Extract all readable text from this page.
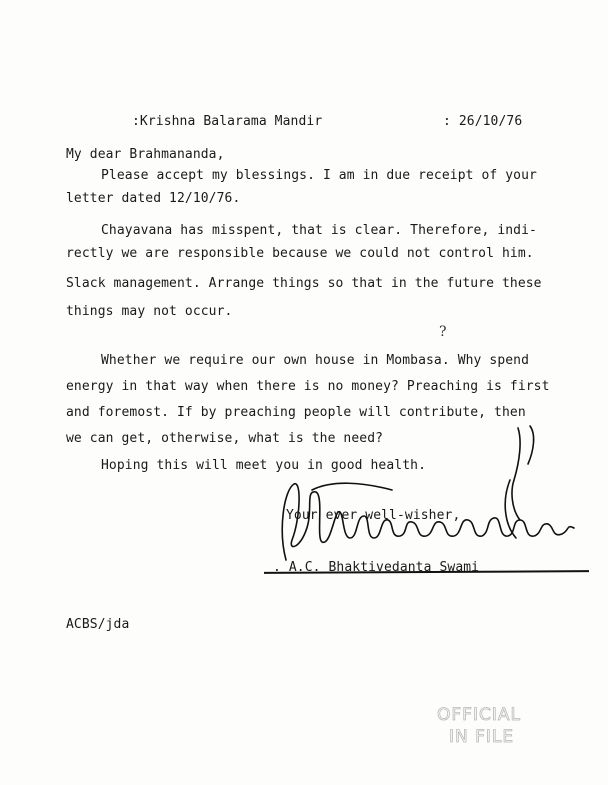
:Krishna Balarama Mandir	: 26/10/76
My dear Brahmananda,
Please accept my blessings. I am in due receipt of your
letter dated 12/10/76.
Chayavana has misspent, that is clear. Therefore, indi-
rectly we are responsible because we could not control him.
Slack management. Arrange things so that in the future these
things may not occur.
?
Whether we require our own house in Mombasa. Why spend
energy in that way when there is no money? Preaching is first
and foremost. If by preaching people will contribute, then
we can get, otherwise, what is the need?
Hoping this will meet you in good health.
Your ever well-wisher,
. A.C. Bhaktivedanta Swami
ACBS/jda
OFFICIAL
IN FILE
